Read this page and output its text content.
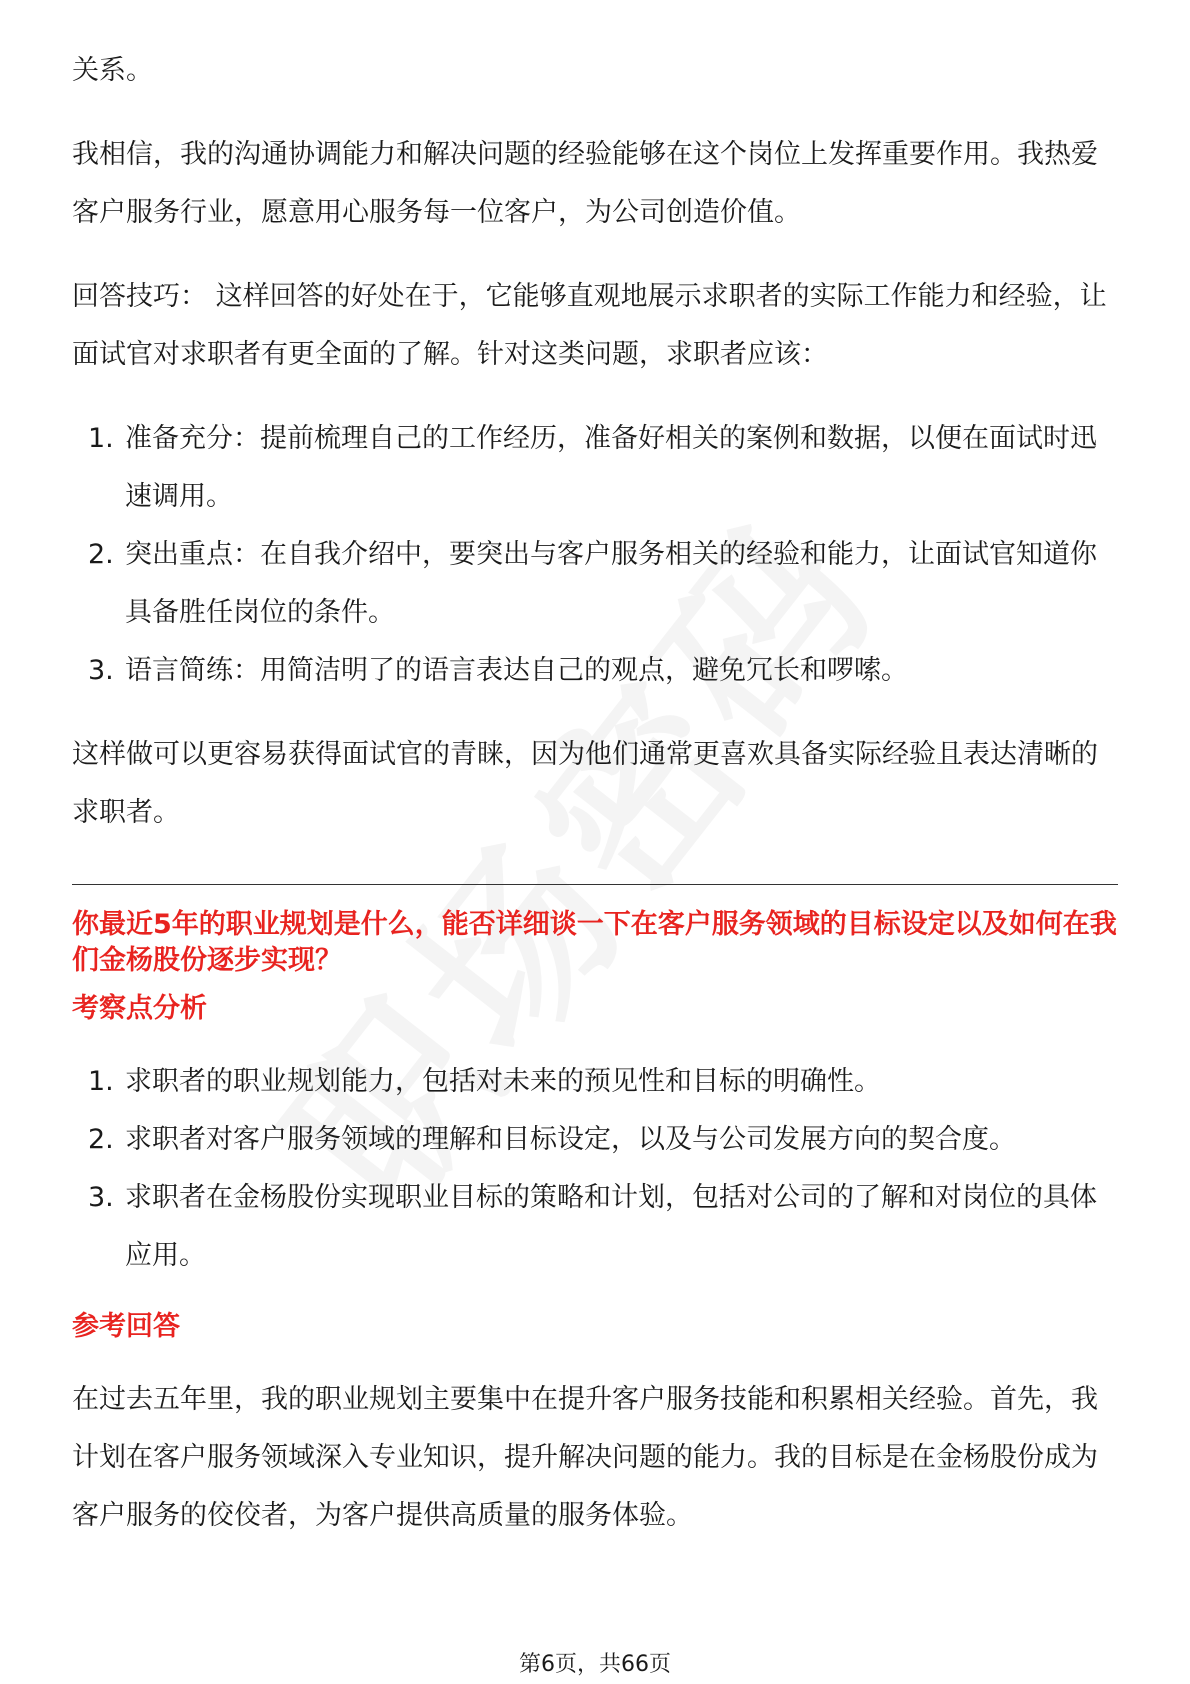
关系。

我相信，我的沟通协调能力和解决问题的经验能够在这个岗位上发挥重要作用。我热爱客户服务行业，愿意用心服务每一位客户，为公司创造价值。

回答技巧： 这样回答的好处在于，它能够直观地展示求职者的实际工作能力和经验，让面试官对求职者有更全面的了解。针对这类问题，求职者应该：

1. 准备充分：提前梳理自己的工作经历，准备好相关的案例和数据，以便在面试时迅速调用。
2. 突出重点：在自我介绍中，要突出与客户服务相关的经验和能力，让面试官知道你具备胜任岗位的条件。
3. 语言简练：用简洁明了的语言表达自己的观点，避免冗长和啰嗦。

这样做可以更容易获得面试官的青睐，因为他们通常更喜欢具备实际经验且表达清晰的求职者。

你最近5年的职业规划是什么，能否详细谈一下在客户服务领域的目标设定以及如何在我们金杨股份逐步实现？

考察点分析

1. 求职者的职业规划能力，包括对未来的预见性和目标的明确性。
2. 求职者对客户服务领域的理解和目标设定，以及与公司发展方向的契合度。
3. 求职者在金杨股份实现职业目标的策略和计划，包括对公司的了解和对岗位的具体应用。

参考回答

在过去五年里，我的职业规划主要集中在提升客户服务技能和积累相关经验。首先，我计划在客户服务领域深入专业知识，提升解决问题的能力。我的目标是在金杨股份成为客户服务的佼佼者，为客户提供高质量的服务体验。

第6页，共66页
